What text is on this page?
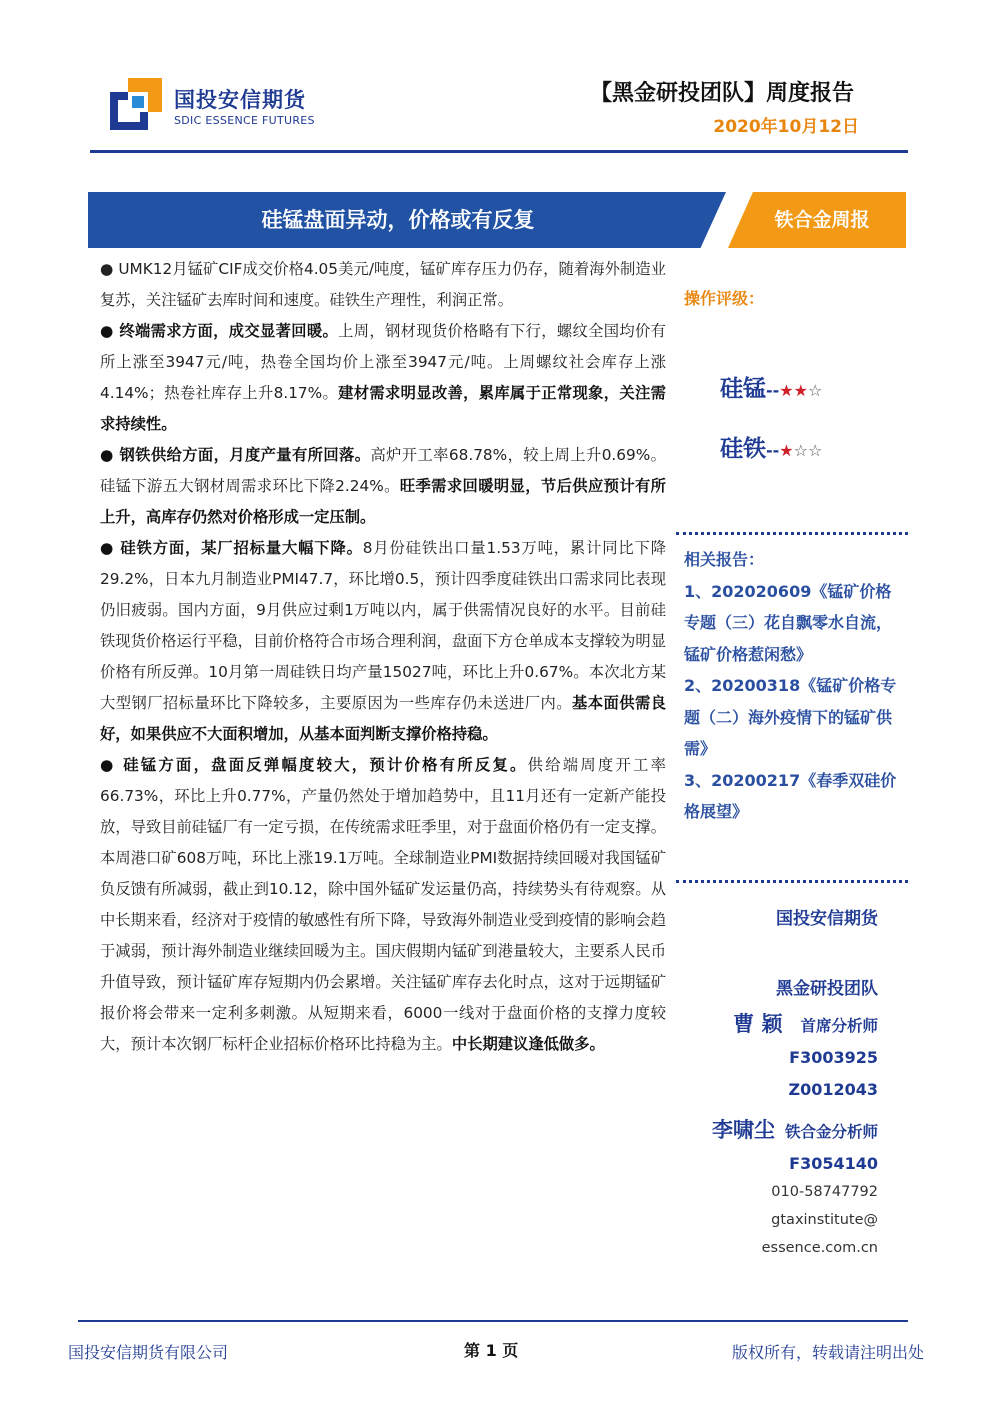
国投安信期货
SDIC ESSENCE FUTURES
【黑金研投团队】周度报告
2020年10月12日
硅锰盘面异动，价格或有反复	铁合金周报

● UMK12月锰矿CIF成交价格4.05美元/吨度，锰矿库存压力仍存，随着海外制造业复苏，关注锰矿去库时间和速度。硅铁生产理性，利润正常。

● 终端需求方面，成交显著回暖。上周，钢材现货价格略有下行，螺纹全国均价有所上涨至3947元/吨，热卷全国均价上涨至3947元/吨。上周螺纹社会库存上涨4.14%；热卷社库存上升8.17%。建材需求明显改善，累库属于正常现象，关注需求持续性。

● 钢铁供给方面，月度产量有所回落。高炉开工率68.78%，较上周上升0.69%。硅锰下游五大钢材周需求环比下降2.24%。旺季需求回暖明显，节后供应预计有所上升，高库存仍然对价格形成一定压制。

● 硅铁方面，某厂招标量大幅下降。8月份硅铁出口量1.53万吨，累计同比下降29.2%，日本九月制造业PMI47.7，环比增0.5，预计四季度硅铁出口需求同比表现仍旧疲弱。国内方面，9月供应过剩1万吨以内，属于供需情况良好的水平。目前硅铁现货价格运行平稳，目前价格符合市场合理利润，盘面下方仓单成本支撑较为明显价格有所反弹。10月第一周硅铁日均产量15027吨，环比上升0.67%。本次北方某大型钢厂招标量环比下降较多，主要原因为一些库存仍未送进厂内。基本面供需良好，如果供应不大面积增加，从基本面判断支撑价格持稳。

● 硅锰方面，盘面反弹幅度较大，预计价格有所反复。供给端周度开工率66.73%，环比上升0.77%，产量仍然处于增加趋势中，且11月还有一定新产能投放，导致目前硅锰厂有一定亏损，在传统需求旺季里，对于盘面价格仍有一定支撑。本周港口矿608万吨，环比上涨19.1万吨。全球制造业PMI数据持续回暖对我国锰矿负反馈有所减弱，截止到10.12，除中国外锰矿发运量仍高，持续势头有待观察。从中长期来看，经济对于疫情的敏感性有所下降，导致海外制造业受到疫情的影响会趋于减弱，预计海外制造业继续回暖为主。国庆假期内锰矿到港量较大，主要系人民币升值导致，预计锰矿库存短期内仍会累增。关注锰矿库存去化时点，这对于远期锰矿报价将会带来一定利多刺激。从短期来看，6000一线对于盘面价格的支撑力度较大，预计本次钢厂标杆企业招标价格环比持稳为主。中长期建议逢低做多。

操作评级：
硅锰--★★☆
硅铁--★☆☆
相关报告：
1、202020609《锰矿价格专题（三）花自飘零水自流，锰矿价格惹闲愁》
2、20200318《锰矿价格专题（二）海外疫情下的锰矿供需》
3、20200217《春季双硅价格展望》
国投安信期货
黑金研投团队
曹 颖 首席分析师
F3003925
Z0012043
李啸尘 铁合金分析师
F3054140
010-58747792
gtaxinstitute@
essence.com.cn
国投安信期货有限公司	第 1 页	版权所有，转载请注明出处
